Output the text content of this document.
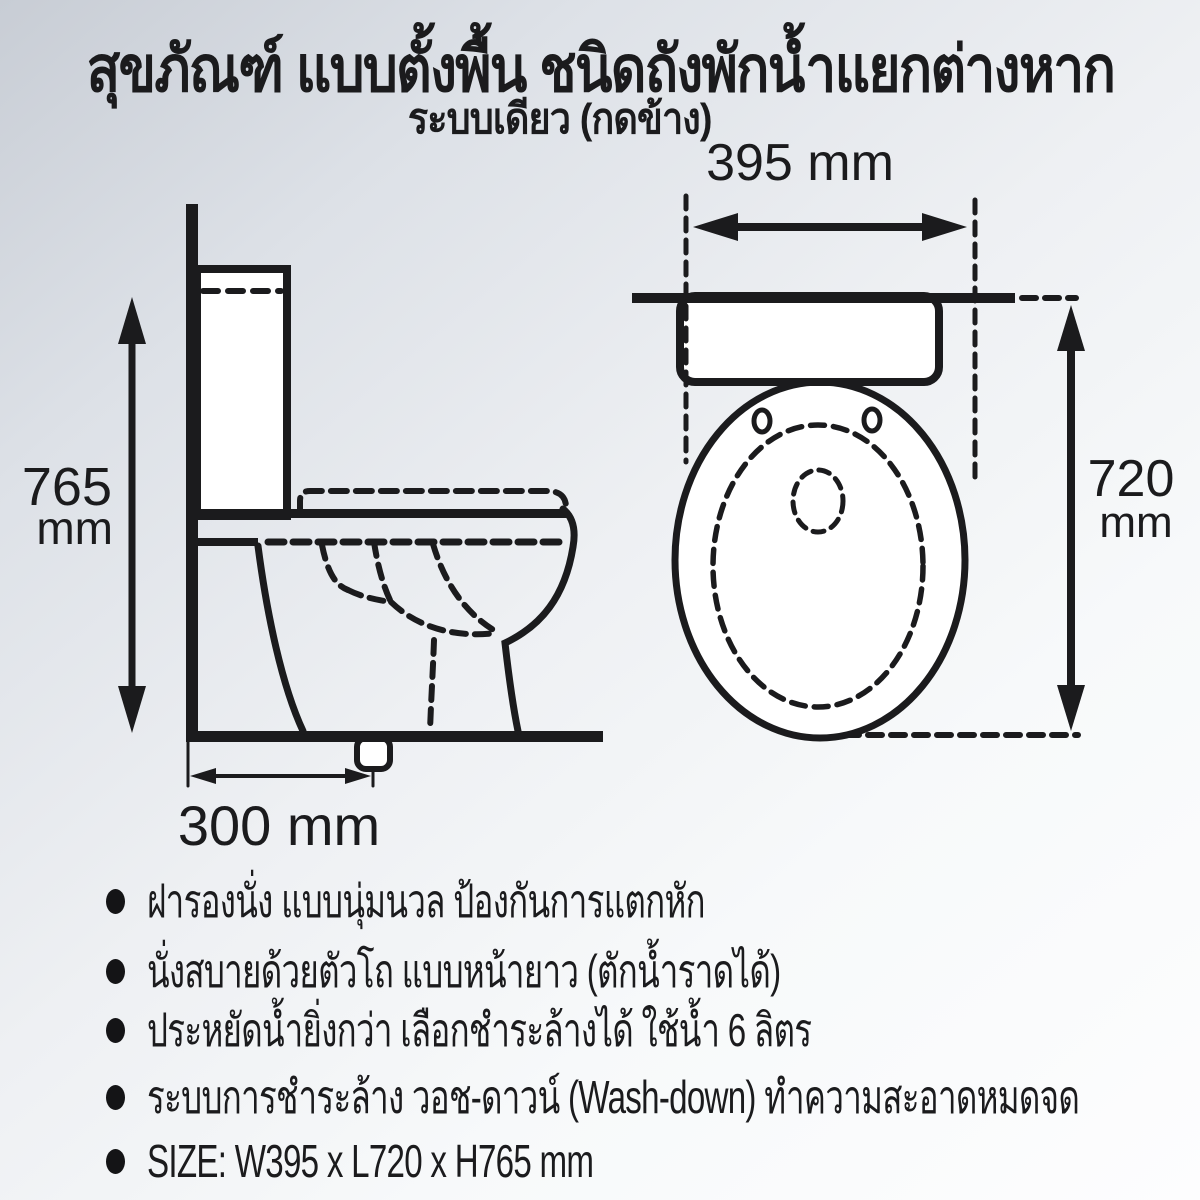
สุขภัณฑ์ แบบตั้งพื้น ชนิดถังพักน้ำแยกต่างหาก
ระบบเดียว (กดข้าง)
395 mm
720
mm
765
mm
300 mm
ฝารองนั่ง แบบนุ่มนวล ป้องกันการแตกหัก
นั่งสบายด้วยตัวโถ แบบหน้ายาว (ตักน้ำราดได้)
ประหยัดน้ำยิ่งกว่า เลือกชำระล้างได้ ใช้น้ำ 6 ลิตร
ระบบการชำระล้าง วอช-ดาวน์ (Wash-down) ทำความสะอาดหมดจด
SIZE: W395 x L720 x H765 mm
